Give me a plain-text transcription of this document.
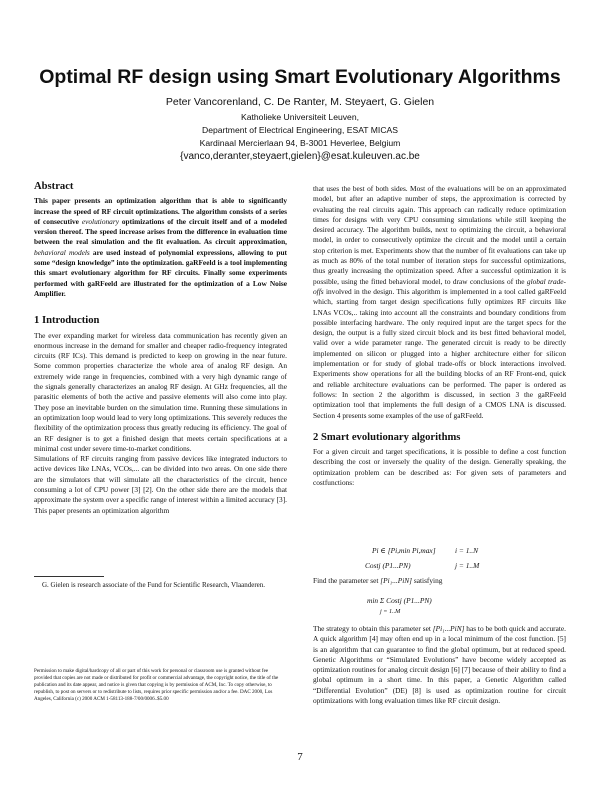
Optimal RF design using Smart Evolutionary Algorithms
Peter Vancorenland, C. De Ranter, M. Steyaert, G. Gielen
Katholieke Universiteit Leuven,
Department of Electrical Engineering, ESAT MICAS
Kardinaal Mercierlaan 94, B-3001 Heverlee, Belgium
{vanco,deranter,steyaert,gielen}@esat.kuleuven.ac.be

Abstract

This paper presents an optimization algorithm that is able to significantly increase the speed of RF circuit optimizations. The algorithm consists of a series of consecutive evolutionary optimizations of the circuit itself and of a modeled version thereof. The speed increase arises from the difference in evaluation time between the real simulation and the fit evaluation. As circuit approximation, behavioral models are used instead of polynomial expressions, allowing to put some “design knowledge” into the optimization. gaRFeeld is a tool implementing this smart evolutionary algorithm for RF circuits. Finally some experiments performed with gaRFeeld are illustrated for the optimization of a Low Noise Amplifier.

1 Introduction

The ever expanding market for wireless data communication has recently given an enormous increase in the demand for smaller and cheaper radio-frequency integrated circuits (RF ICs). This demand is predicted to keep on growing in the near future. Some common properties characterize the whole area of analog RF design. An extremely wide range in frequencies, combined with a very high dynamic range of the signals generally characterizes an analog RF design. At GHz frequencies, all the parasitic elements of both the active and passive elements will also come into play. They pose an inevitable burden on the simulation time. Running these simulations in an optimization loop would lead to very long optimizations. This severely reduces the flexibility of the optimization process thus greatly reducing its efficiency. The goal of an RF designer is to get a finished design that meets certain specifications at a minimal cost under severe time-to-market conditions.

Simulations of RF circuits ranging from passive devices like integrated inductors to active devices like LNAs, VCOs,... can be divided into two areas. On one side there are the simulators that will simulate all the characteristics of the circuit, hence consuming a lot of CPU power [3] [2]. On the other side there are the models that approximate the system over a specific range of interest within a limited accuracy [3]. This paper presents an optimization algorithm

G. Gielen is research associate of the Fund for Scientific Research, Vlaanderen.
Permission to make digital/hardcopy of all or part of this work for personal or classroom use is granted without fee provided that copies are not made or distributed for profit or commercial advantage, the copyright notice, the title of the publication and its date appear, and notice is given that copying is by permission of ACM, Inc. To copy otherwise, to republish, to post on servers or to redistribute to lists, requires prior specific permission and/or a fee. DAC 2000, Los Angeles, California (c) 2000 ACM 1-58113-188-7/00/0006..$5.00

that uses the best of both sides. Most of the evaluations will be on an approximated model, but after an adaptive number of steps, the approximation is corrected by evaluating the real circuits again. This approach can radically reduce optimization times for designs with very CPU consuming simulations while still keeping the desired accuracy. The algorithm builds, next to optimizing the circuit, a behavioral model, in order to consecutively optimize the circuit and the model until a certain stop criterion is met. Experiments show that the number of fit evaluations can take up as much as 80% of the total number of iteration steps for successful optimizations, thus greatly increasing the optimization speed. After a successful optimization it is possible, using the fitted behavioral model, to draw conclusions of the global trade-offs involved in the design. This algorithm is implemented in a tool called gaRFeeld which, starting from target design specifications fully optimizes RF circuits like LNAs VCOs,.. taking into account all the constraints and boundary conditions from possible interfacing hardware. The only required input are the target specs for the design, the output is a fully sized circuit block and its best fitted behavioral model, valid over a wide parameter range. The generated circuit is ready to be directly implemented on silicon or plugged into a higher architecture either for silicon implementation or for study of global trade-offs or block interactions involved. Experiments show operations for all the building blocks of an RF Front-end, quick and reliable architecture evaluations can be performed. The paper is ordered as follows: In section 2 the algorithm is discussed, in section 3 the gaRFeeld optimization tool that implements the full design of a CMOS LNA is discussed. Section 4 presents some examples of the use of gaRFeeld.

2 Smart evolutionary algorithms

For a given circuit and target specifications, it is possible to define a cost function describing the cost or inversely the quality of the design. Generally speaking, the optimization problem can be described as: For given sets of parameters and costfunctions:

Pi ∈ [Pi,min Pi,max]	i = 1..N
Costj (P1...PN)	j = 1..M

Find the parameter set [Pi₁...PiN] satisfying

min Σ Costj (P1...PN)
j = 1..M

The strategy to obtain this parameter set [Pi₁...PiN] has to be both quick and accurate. A quick algorithm [4] may often end up in a local minimum of the cost function. [5] is an algorithm that can guarantee to find the global optimum, but at reduced speed. Genetic Algorithms or “Simulated Evolutions” have become widely accepted as optimization routines for analog circuit design [6] [7] because of their ability to find a global optimum in a short time. In this paper, a Genetic Algorithm called “Differential Evolution” (DE) [8] is used as optimization routine for circuit optimizations with long evaluation times like RF circuit design.

7
